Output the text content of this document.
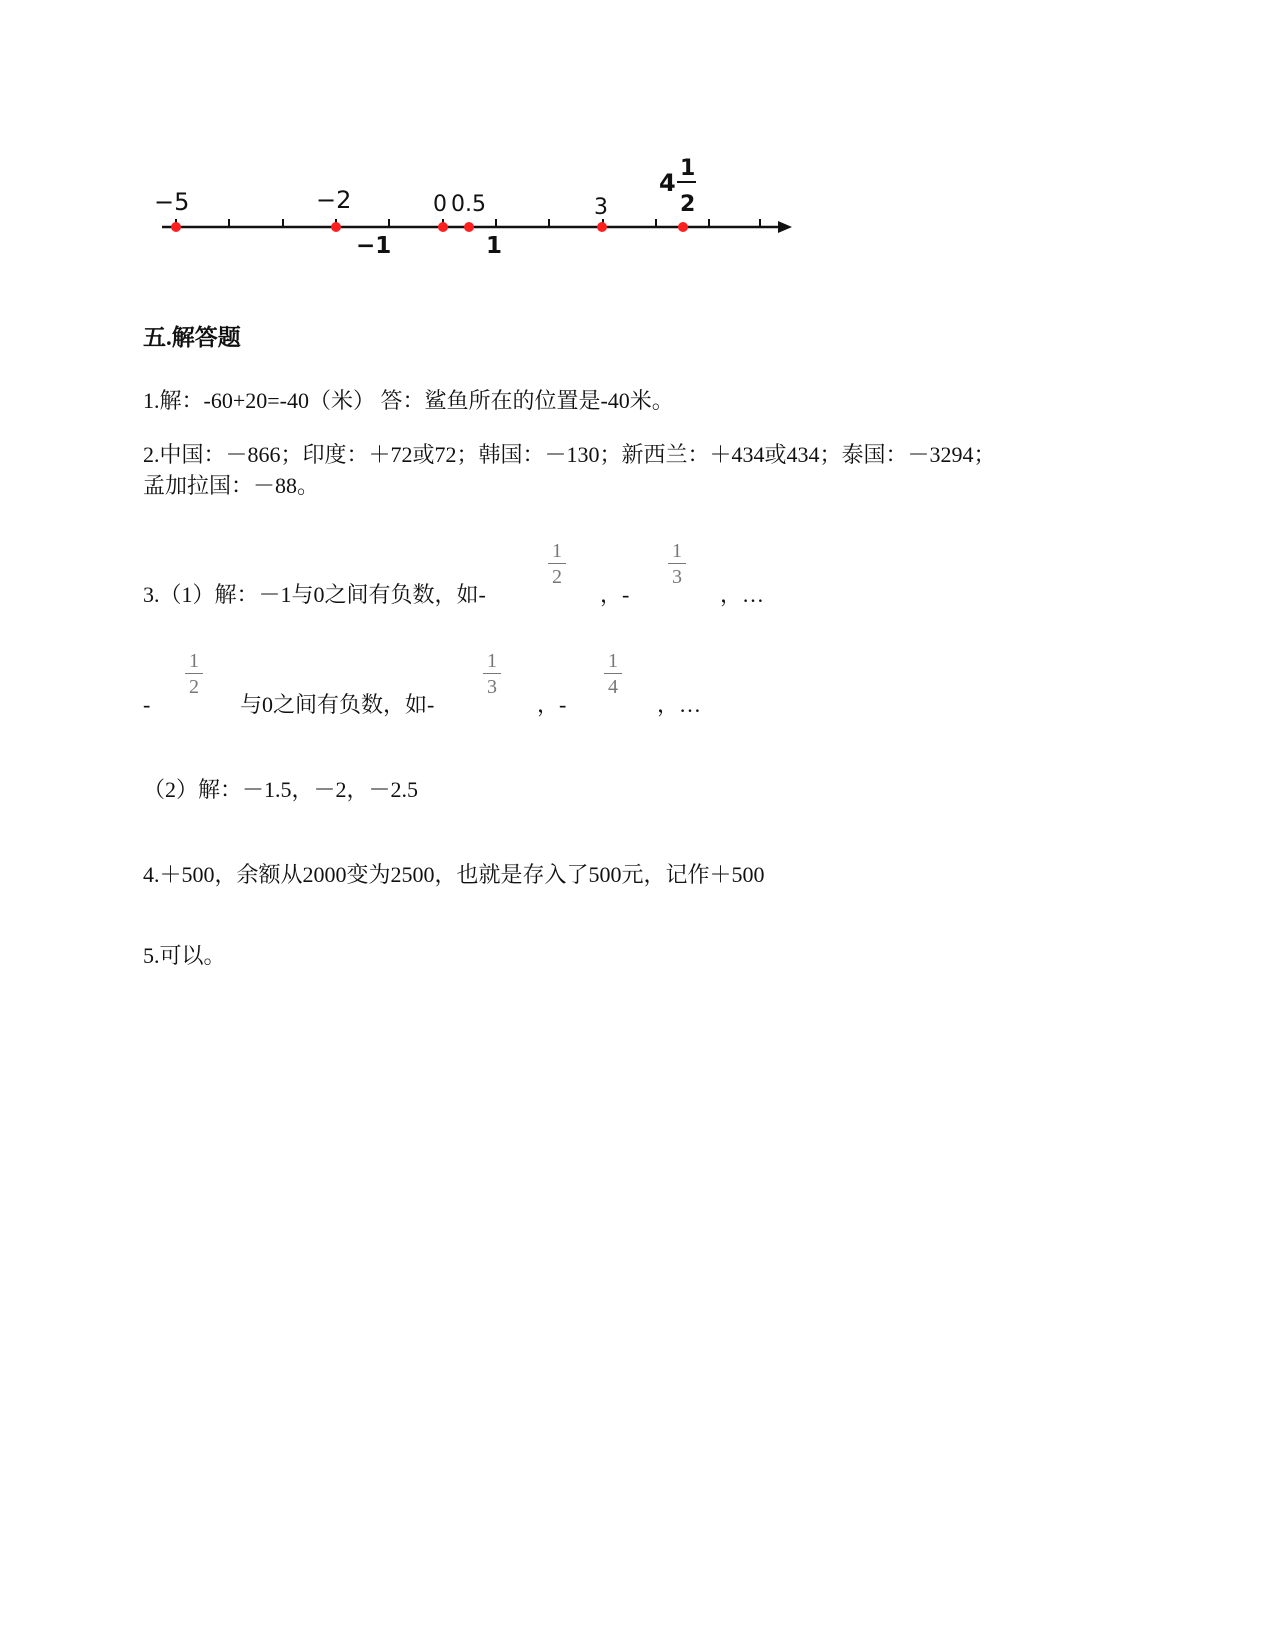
−5	−2	0 0.5	3
4
1
2
−1	1
五.解答题
1.解：-60+20=-40（米） 答：鲨鱼所在的位置是-40米。
2.中国：－866；印度：＋72或72；韩国：－130；新西兰：＋434或434；泰国：－3294；
孟加拉国：－88。
3.（1）解：－1与0之间有负数，如-
1
2
，-
1
3
，…
-
1
2
与0之间有负数，如-
1
3
，-
1
4
，…
（2）解：－1.5，－2，－2.5
4.＋500，余额从2000变为2500，也就是存入了500元，记作＋500
5.可以。
